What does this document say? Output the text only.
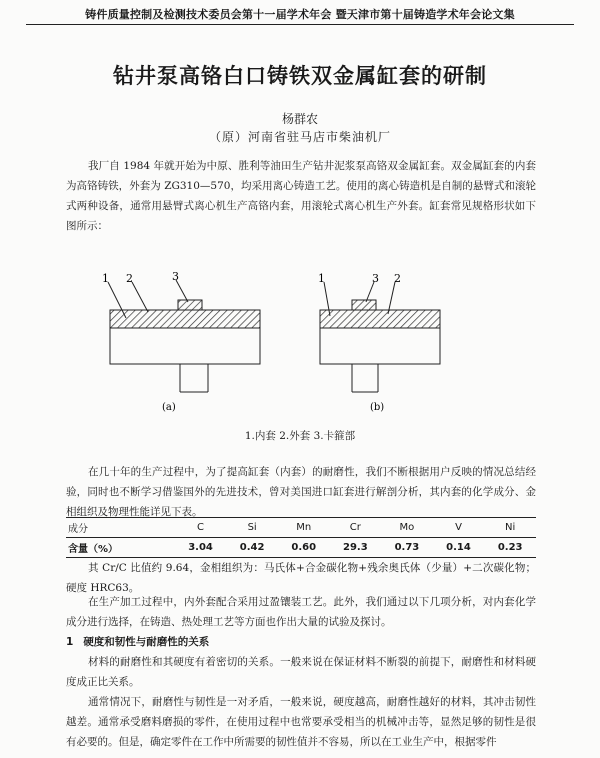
铸件质量控制及检测技术委员会第十一届学术年会 暨天津市第十届铸造学术年会论文集
钻井泵高铬白口铸铁双金属缸套的研制
杨群农
（原）河南省驻马店市柴油机厂

我厂自 1984 年就开始为中原、胜利等油田生产钻井泥浆泵高铬双金属缸套。双金属缸套的内套为高铬铸铁，外套为 ZG310—570，均采用离心铸造工艺。使用的离心铸造机是自制的悬臂式和滚轮式两种设备，通常用悬臂式离心机生产高铬内套，用滚轮式离心机生产外套。缸套常见规格形状如下图所示：

1 2	3
(a)
1	3 2
(b)
1.内套 2.外套 3.卡箍部

在几十年的生产过程中，为了提高缸套（内套）的耐磨性，我们不断根据用户反映的情况总结经验，同时也不断学习借鉴国外的先进技术，曾对美国进口缸套进行解剖分析，其内套的化学成分、金相组织及物理性能详见下表。

成分	C	Si	Mn	Cr	Mo	V	Ni
含量（%）	3.04	0.42	0.60	29.3	0.73	0.14	0.23

其 Cr/C 比值约 9.64，金相组织为：马氏体+合金碳化物+残余奥氏体（少量）+二次碳化物；硬度 HRC63。

在生产加工过程中，内外套配合采用过盈镶装工艺。此外，我们通过以下几项分析，对内套化学成分进行选择，在铸造、热处理工艺等方面也作出大量的试验及探讨。

1 硬度和韧性与耐磨性的关系

材料的耐磨性和其硬度有着密切的关系。一般来说在保证材料不断裂的前提下，耐磨性和材料硬度成正比关系。

通常情况下，耐磨性与韧性是一对矛盾，一般来说，硬度越高，耐磨性越好的材料，其冲击韧性越差。通常承受磨料磨损的零件，在使用过程中也常要承受相当的机械冲击等，显然足够的韧性是很有必要的。但是，确定零件在工作中所需要的韧性值并不容易，所以在工业生产中，根据零件
